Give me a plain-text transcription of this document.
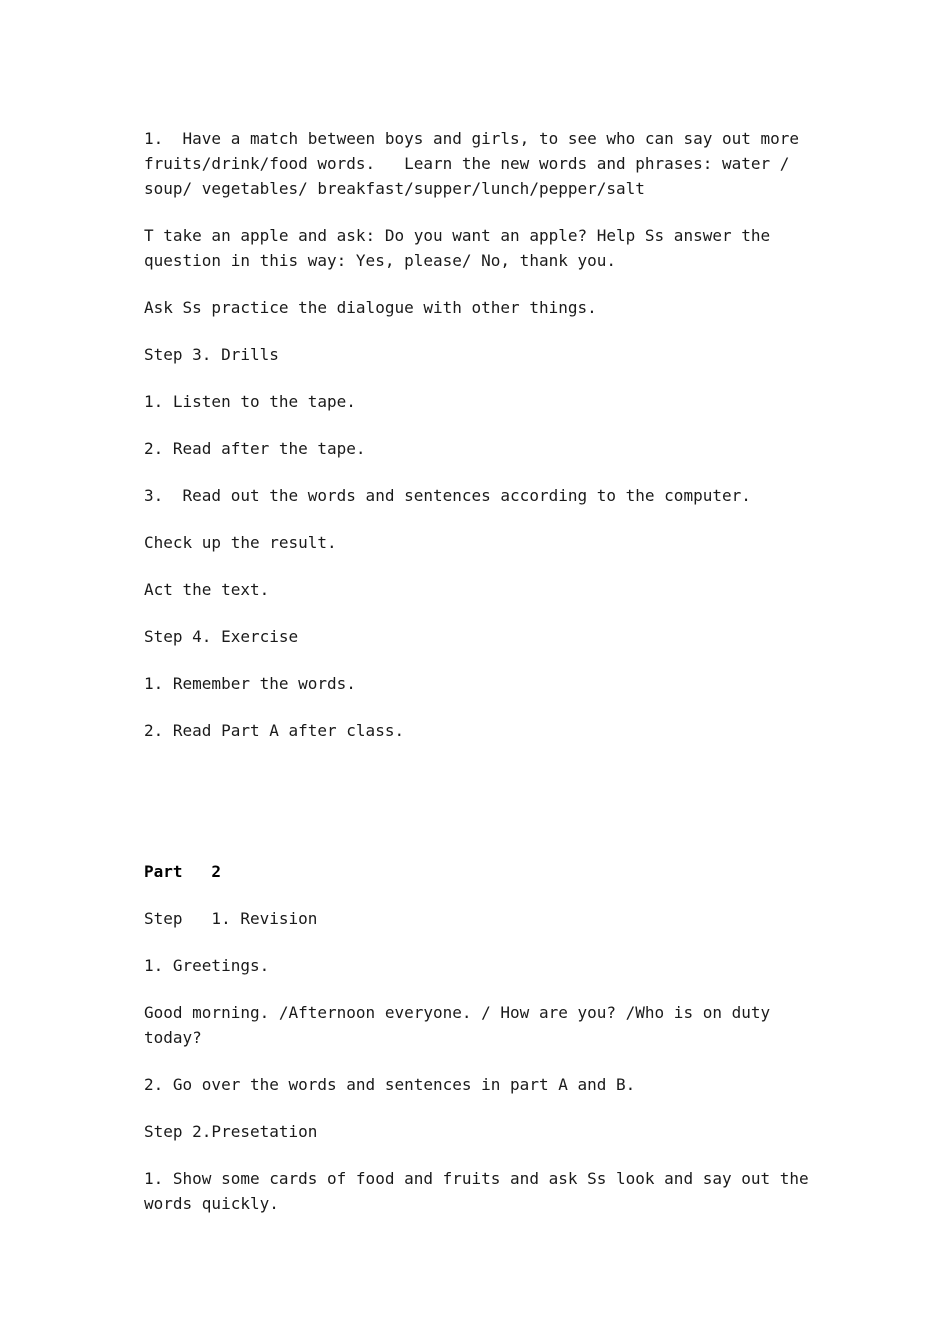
1.  Have a match between boys and girls, to see who can say out more fruits/drink/food words.   Learn the new words and phrases: water / soup/ vegetables/ breakfast/supper/lunch/pepper/salt

T take an apple and ask: Do you want an apple? Help Ss answer the question in this way: Yes, please/ No, thank you.

Ask Ss practice the dialogue with other things.

Step 3. Drills

1. Listen to the tape.

2. Read after the tape.

3.  Read out the words and sentences according to the computer.

Check up the result.

Act the text.

Step 4. Exercise

1. Remember the words.

2. Read Part A after class.

Part   2

Step   1. Revision

1. Greetings.

Good morning. /Afternoon everyone. / How are you? /Who is on duty today?

2. Go over the words and sentences in part A and B.

Step 2.Presetation

1. Show some cards of food and fruits and ask Ss look and say out the words quickly.
